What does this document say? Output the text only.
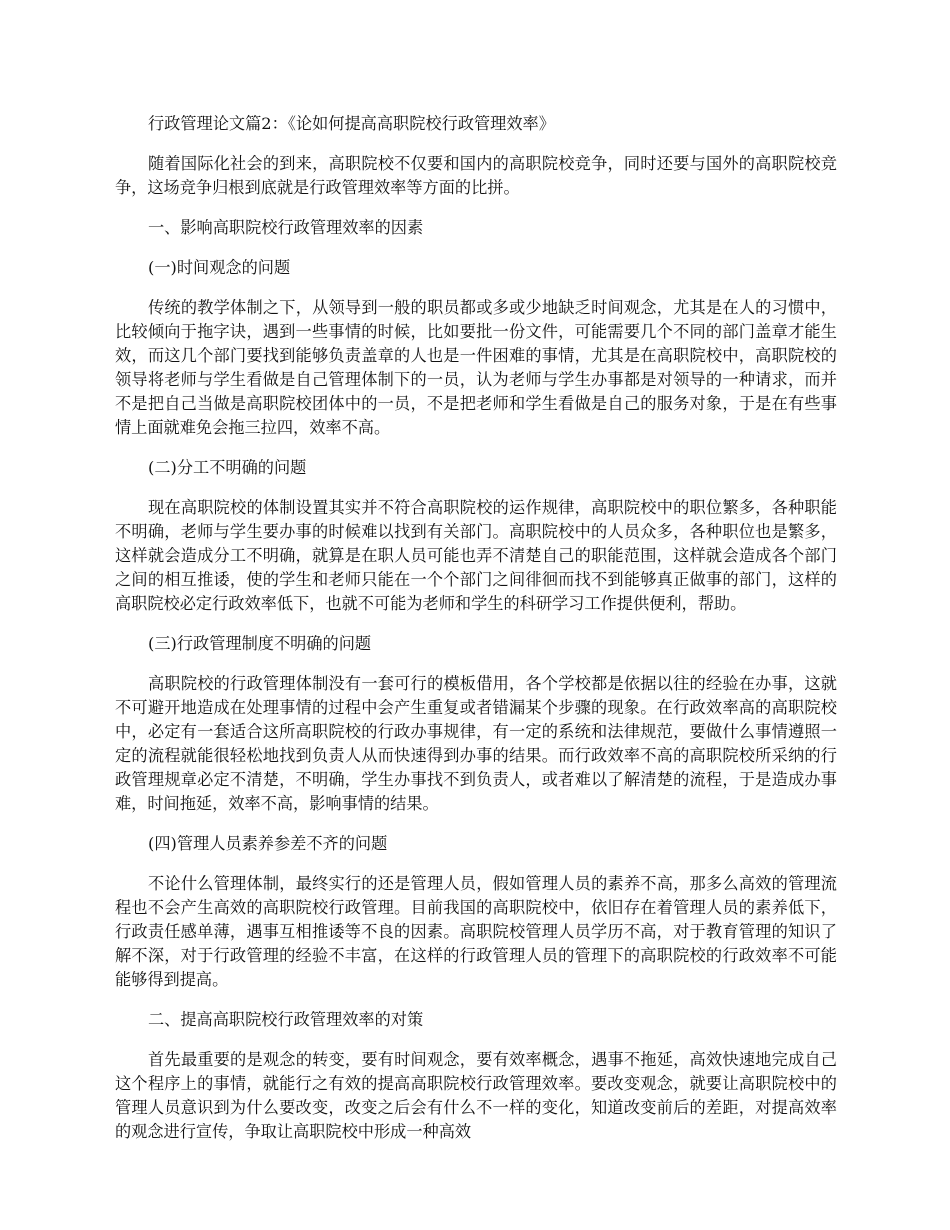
行政管理论文篇2：《论如何提高高职院校行政管理效率》

随着国际化社会的到来，高职院校不仅要和国内的高职院校竞争，同时还要与国外的高职院校竞争，这场竞争归根到底就是行政管理效率等方面的比拼。

一、影响高职院校行政管理效率的因素

(一)时间观念的问题

传统的教学体制之下，从领导到一般的职员都或多或少地缺乏时间观念，尤其是在人的习惯中，比较倾向于拖字诀，遇到一些事情的时候，比如要批一份文件，可能需要几个不同的部门盖章才能生效，而这几个部门要找到能够负责盖章的人也是一件困难的事情，尤其是在高职院校中，高职院校的领导将老师与学生看做是自己管理体制下的一员，认为老师与学生办事都是对领导的一种请求，而并不是把自己当做是高职院校团体中的一员，不是把老师和学生看做是自己的服务对象，于是在有些事情上面就难免会拖三拉四，效率不高。

(二)分工不明确的问题

现在高职院校的体制设置其实并不符合高职院校的运作规律，高职院校中的职位繁多，各种职能不明确，老师与学生要办事的时候难以找到有关部门。高职院校中的人员众多，各种职位也是繁多，这样就会造成分工不明确，就算是在职人员可能也弄不清楚自己的职能范围，这样就会造成各个部门之间的相互推诿，使的学生和老师只能在一个个部门之间徘徊而找不到能够真正做事的部门，这样的高职院校必定行政效率低下，也就不可能为老师和学生的科研学习工作提供便利，帮助。

(三)行政管理制度不明确的问题

高职院校的行政管理体制没有一套可行的模板借用，各个学校都是依据以往的经验在办事，这就不可避开地造成在处理事情的过程中会产生重复或者错漏某个步骤的现象。在行政效率高的高职院校中，必定有一套适合这所高职院校的行政办事规律，有一定的系统和法律规范，要做什么事情遵照一定的流程就能很轻松地找到负责人从而快速得到办事的结果。而行政效率不高的高职院校所采纳的行政管理规章必定不清楚，不明确，学生办事找不到负责人，或者难以了解清楚的流程，于是造成办事难，时间拖延，效率不高，影响事情的结果。

(四)管理人员素养参差不齐的问题

不论什么管理体制，最终实行的还是管理人员，假如管理人员的素养不高，那多么高效的管理流程也不会产生高效的高职院校行政管理。目前我国的高职院校中，依旧存在着管理人员的素养低下，行政责任感单薄，遇事互相推诿等不良的因素。高职院校管理人员学历不高，对于教育管理的知识了解不深，对于行政管理的经验不丰富，在这样的行政管理人员的管理下的高职院校的行政效率不可能能够得到提高。

二、提高高职院校行政管理效率的对策

首先最重要的是观念的转变，要有时间观念，要有效率概念，遇事不拖延，高效快速地完成自己这个程序上的事情，就能行之有效的提高高职院校行政管理效率。要改变观念，就要让高职院校中的管理人员意识到为什么要改变，改变之后会有什么不一样的变化，知道改变前后的差距，对提高效率的观念进行宣传，争取让高职院校中形成一种高效
